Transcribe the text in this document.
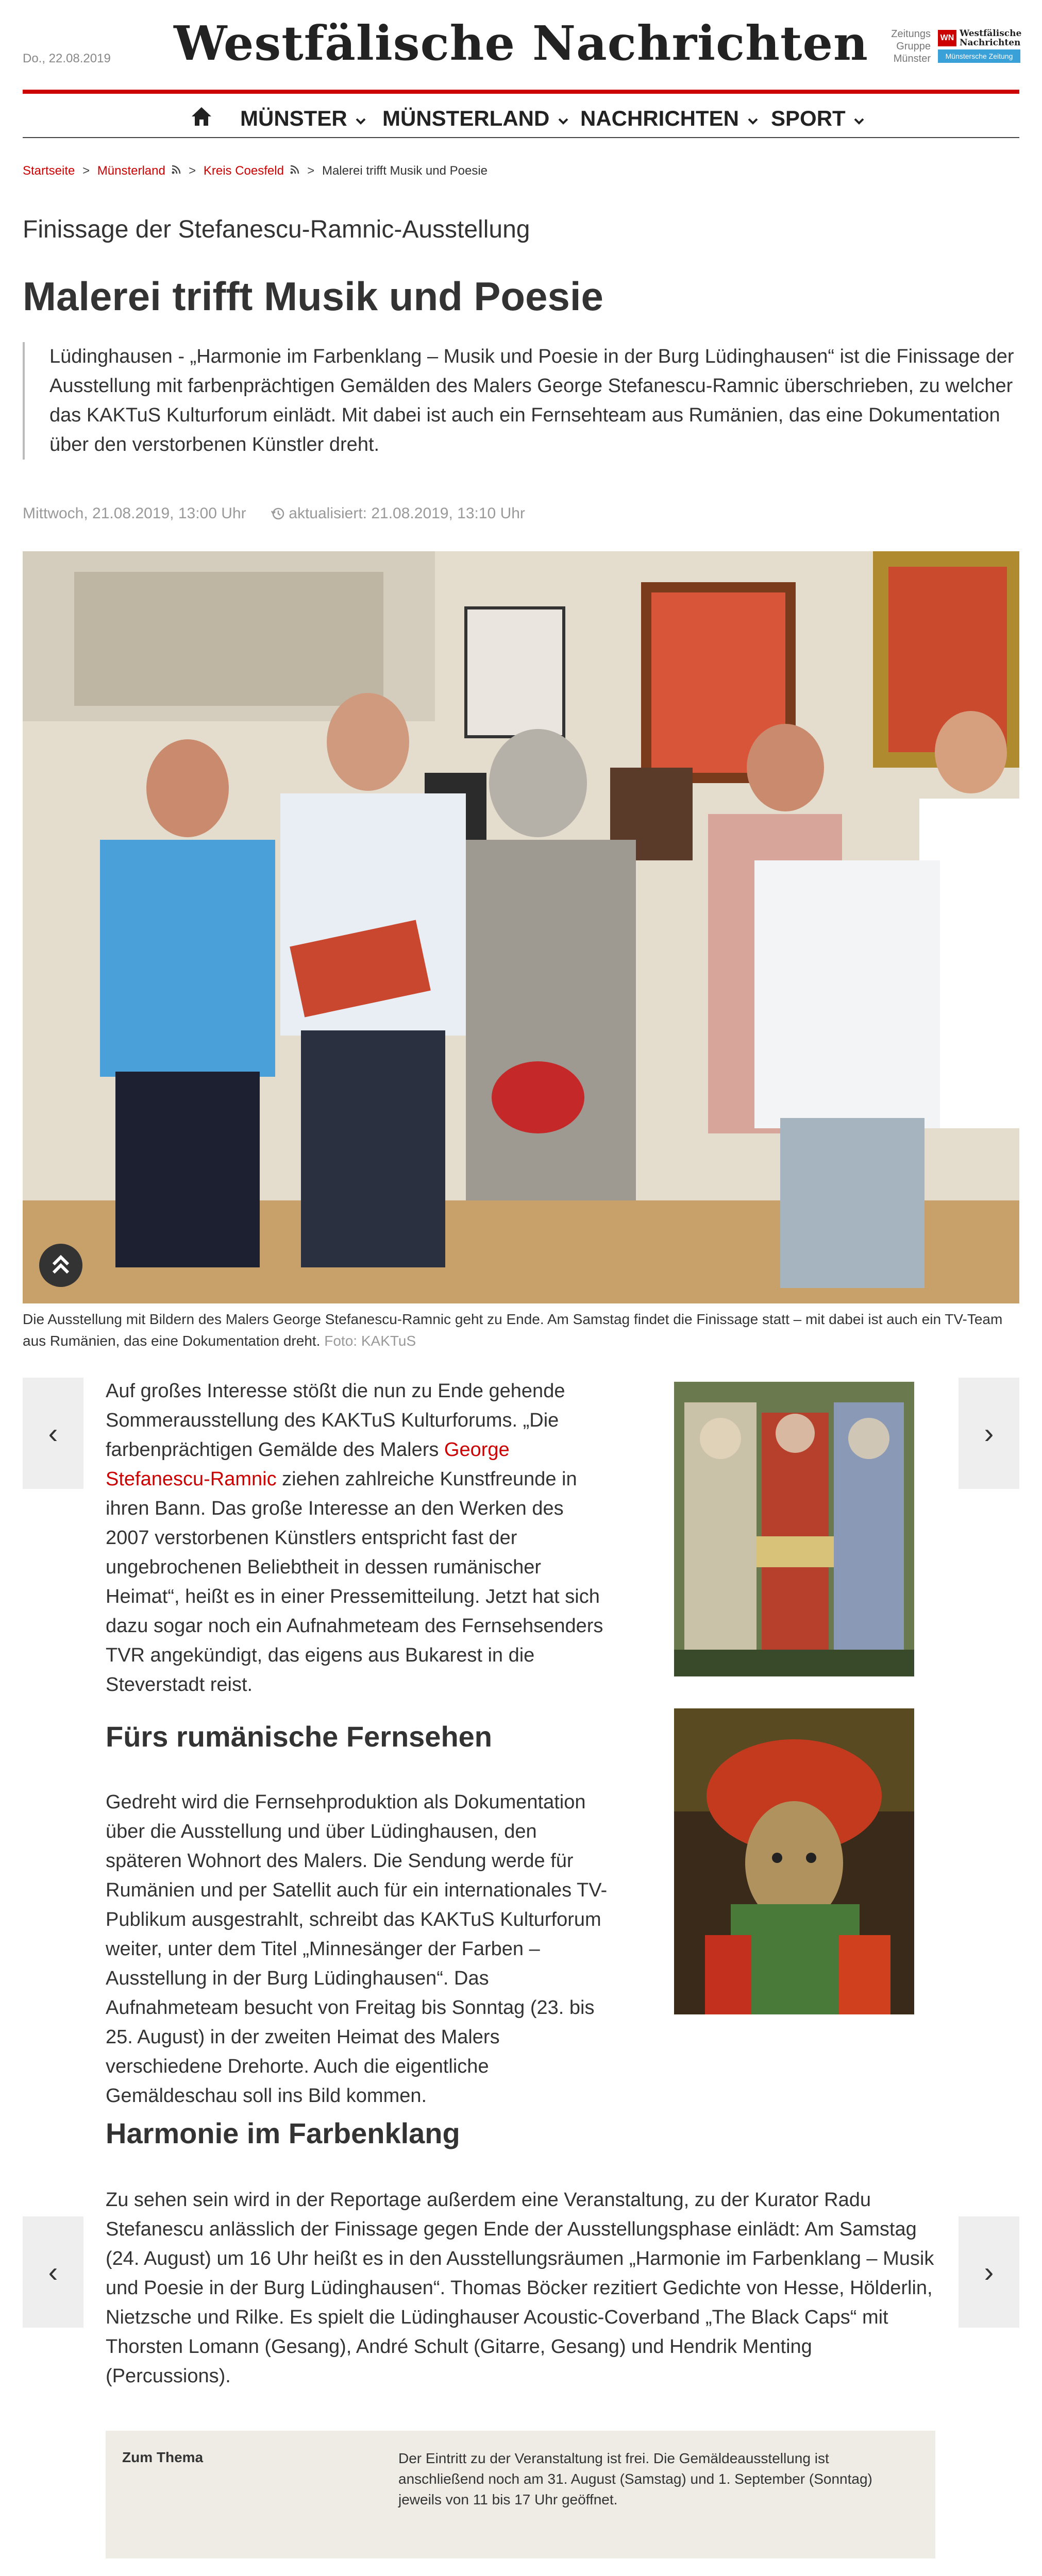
Do., 22.08.2019	Westfälische Nachrichten	Zeitungs Gruppe Münster
WN Westfälische Nachrichten
Münstersche Zeitung
MÜNSTER	MÜNSTERLAND	NACHRICHTEN	SPORT
Startseite > Münsterland > Kreis Coesfeld > Malerei trifft Musik und Poesie
Finissage der Stefanescu-Ramnic-Ausstellung
Malerei trifft Musik und Poesie
Lüdinghausen - „Harmonie im Farbenklang – Musik und Poesie in der Burg Lüdinghausen“ ist die Finissage der Ausstellung mit farbenprächtigen Gemälden des Malers George Stefanescu-Ramnic überschrieben, zu welcher das KAKTuS Kulturforum einlädt. Mit dabei ist auch ein Fernsehteam aus Rumänien, das eine Dokumentation über den verstorbenen Künstler dreht.
Mittwoch, 21.08.2019, 13:00 Uhr	aktualisiert: 21.08.2019, 13:10 Uhr
Die Ausstellung mit Bildern des Malers George Stefanescu-Ramnic geht zu Ende. Am Samstag findet die Finissage statt – mit dabei ist auch ein TV-Team aus Rumänien, das eine Dokumentation dreht. Foto: KAKTuS
‹	›

Auf großes Interesse stößt die nun zu Ende gehende Sommerausstellung des KAKTuS Kulturforums. „Die farbenprächtigen Gemälde des Malers George Stefanescu-Ramnic ziehen zahlreiche Kunstfreunde in ihren Bann. Das große Interesse an den Werken des 2007 verstorbenen Künstlers entspricht fast der ungebrochenen Beliebtheit in dessen rumänischer Heimat“, heißt es in einer Pressemitteilung. Jetzt hat sich dazu sogar noch ein Aufnahmeteam des Fernsehsenders TVR angekündigt, das eigens aus Bukarest in die Steverstadt reist.

Fürs rumänische Fernsehen

Gedreht wird die Fernsehproduktion als Dokumentation über die Ausstellung und über Lüdinghausen, den späteren Wohnort des Malers. Die Sendung werde für Rumänien und per Satellit auch für ein internationales TV-Publikum ausgestrahlt, schreibt das KAKTuS Kulturforum weiter, unter dem Titel „Minnesänger der Farben – Ausstellung in der Burg Lüdinghausen“. Das Aufnahmeteam besucht von Freitag bis Sonntag (23. bis 25. August) in der zweiten Heimat des Malers verschiedene Drehorte. Auch die eigentliche Gemäldeschau soll ins Bild kommen.

Harmonie im Farbenklang
‹	›

Zu sehen sein wird in der Reportage außerdem eine Veranstaltung, zu der Kurator Radu Stefanescu anlässlich der Finissage gegen Ende der Ausstellungsphase einlädt: Am Samstag (24. August) um 16 Uhr heißt es in den Ausstellungsräumen „Harmonie im Farbenklang – Musik und Poesie in der Burg Lüdinghausen“. Thomas Böcker rezitiert Gedichte von Hesse, Hölderlin, Nietzsche und Rilke. Es spielt die Lüdinghauser Acoustic-Coverband „The Black Caps“ mit Thorsten Lomann (Gesang), André Schult (Gitarre, Gesang) und Hendrik Menting (Percussions).

Zum Thema	Der Eintritt zu der Veranstaltung ist frei. Die Gemäldeausstellung ist anschließend noch am 31. August (Samstag) und 1. September (Sonntag) jeweils von 11 bis 17 Uhr geöffnet.
